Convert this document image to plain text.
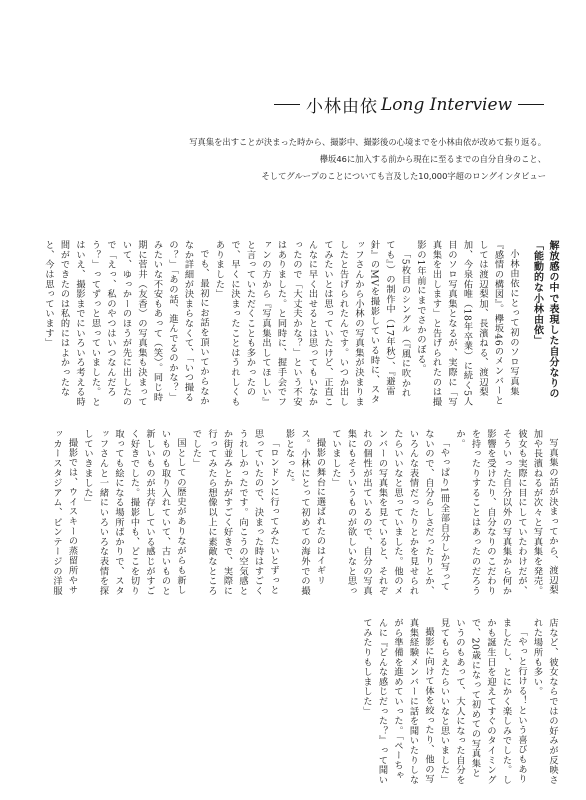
小林由依 Long Interview
写真集を出すことが決まった時から、撮影中、撮影後の心境までを小林由依が改めて振り返る。
欅坂46に加入する前から現在に至るまでの自分自身のこと、
そしてグループのことについても言及した10,000字超のロングインタビュー

解放感の中で表現した自分なりの「能動的な小林由依」

小林由依にとって初のソロ写真集『感情の構図』。欅坂46のメンバーとしては渡辺梨加、長濱ねる、渡辺梨加、今泉佑唯（18年卒業）に続く5人目のソロ写真集となるが、実際に「写真集を出します」と告げられたのは撮影の1年前にまでさかのぼる。

「5枚目のシングル（『風に吹かれても』）の制作中（17年秋）、『避雷針』のMVを撮影している時に、スタッフさんから小林の写真集が決まりましたと告げられたんです。いつか出してみたいとは思っていたけど、正直こんなに早く出せるとは思ってもいなかったので「大丈夫かな？」という不安はありました。と同時に、握手会でファンの方から『写真集出してほしい』と言っていただくことも多かったので、早くに決まったことはうれしくもありました」

でも、最初にお話を頂いてからなかなか詳細が決まらなくて、「いつ撮るの？」「あの話、進んでるのかな？」みたいな不安もあって（笑）。同じ時期に菅井（友香）の写真集も決まっていて、ゆっかーのほうが先に出したので「えっ、私のやつはいつなんだろう？」ってずっと思っていました。とはいえ、撮影までにいろいろ考える時間ができたのは私的にはよかったなと、今は思っています」

写真集の話が決まってから、渡辺梨加や長濱ねるが次々と写真集を発売。彼女も実際に目にしていたわけだが、そういった自分以外の写真集から何か影響を受けたり、自分なりのこだわりを持ったりすることはあったのだろうか。

「やっぱり1冊全部自分しか写ってないので、自分らしさだったりとか、いろんな表情だったりとかを見せられたらいいなと思っていました。他のメンバーの写真集を見ていると、それぞれの個性が出ているので、自分の写真集にもそういうものが欲しいなと思っていました」

撮影の舞台に選ばれたのはイギリス。小林にとって初めての海外での撮影となった。

「ロンドンに行ってみたいとずっと思っていたので、決まった時はすごくうれしかったです。向こうの空気感とか街並みとかがすごく好きで、実際に行ってみたら想像以上に素敵なところでした」

国としての歴史がありながらも新しいものも取り入れていて、古いものと新しいものが共存している感じがすごく好きでした。撮影中も、どこを切り取っても絵になる場所ばかりで、スタッフさんと一緒にいろいろな表情を探していきました」

撮影では、ウイスキーの蒸留所やサッカースタジアム、ビンテージの洋服店など、彼女ならではの好みが反映された場所も多い。

「やっと行ける！という喜びもありましたし、とにかく楽しみでした。しかも誕生日を迎えてすぐのタイミングで、20歳になって初めての写真集というのもあって、大人になった自分を見てもらえたらいいなと思いました」

撮影に向けて体を絞ったり、他の写真集経験メンバーに話を聞いたりしながら準備を進めていった。「ぺーちゃんに『どんな感じだった？』って聞いてみたりもしました」
